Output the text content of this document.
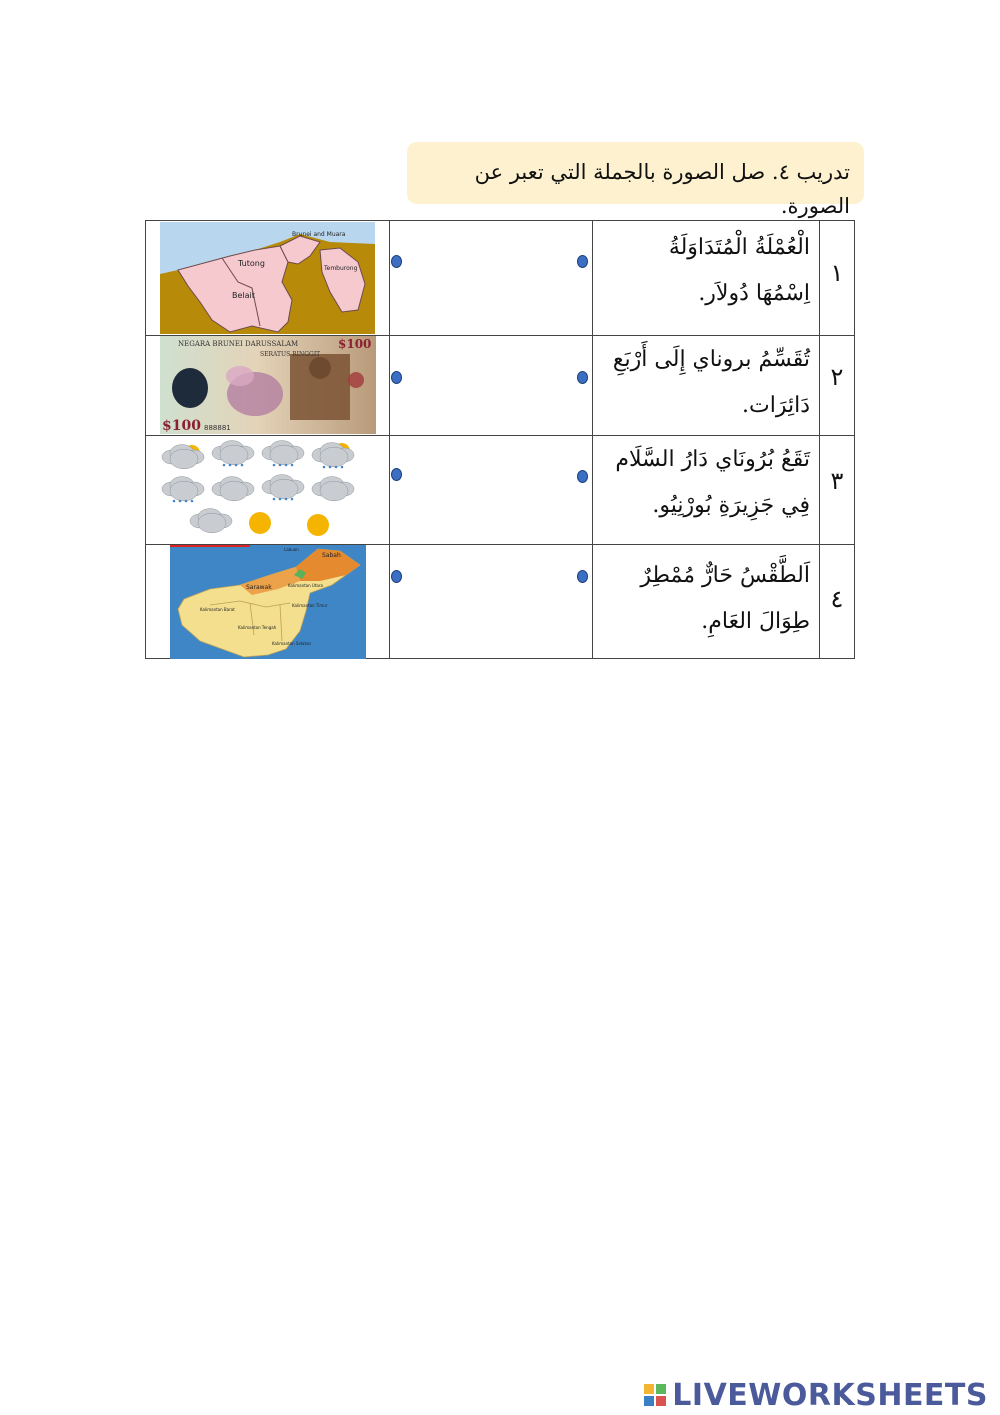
تدريب ٤. صل الصورة بالجملة التي تعبر عن الصورة.
١
٢
٣
٤
الْعُمْلَةُ الْمُتَدَاوَلَةُ
اِسْمُهَا دُولاَر.
تُقَسِّمُ بروناي إِلَى أَرْبَعِ
دَائِرَات.
تَقَعُ بُرُونَاي دَارُ السَّلَام
فِي جَزِيرَةِ بُورْنِيُو.
اَلطَّقْسُ حَارٌّ مُمْطِرٌ
طِوَالَ العَامِ.
Brunei and Muara
Tutong
Temburong
Belait
NEGARA BRUNEI DARUSSALAM
SERATUS RINGGIT
$100
$100 888881
Sabah
Labuan
Sarawak	Kalimantan Utara
Kalimantan Timur
Kalimantan Barat
Kalimantan Tengah
Kalimantan Selatan
LIVEWORKSHEETS
